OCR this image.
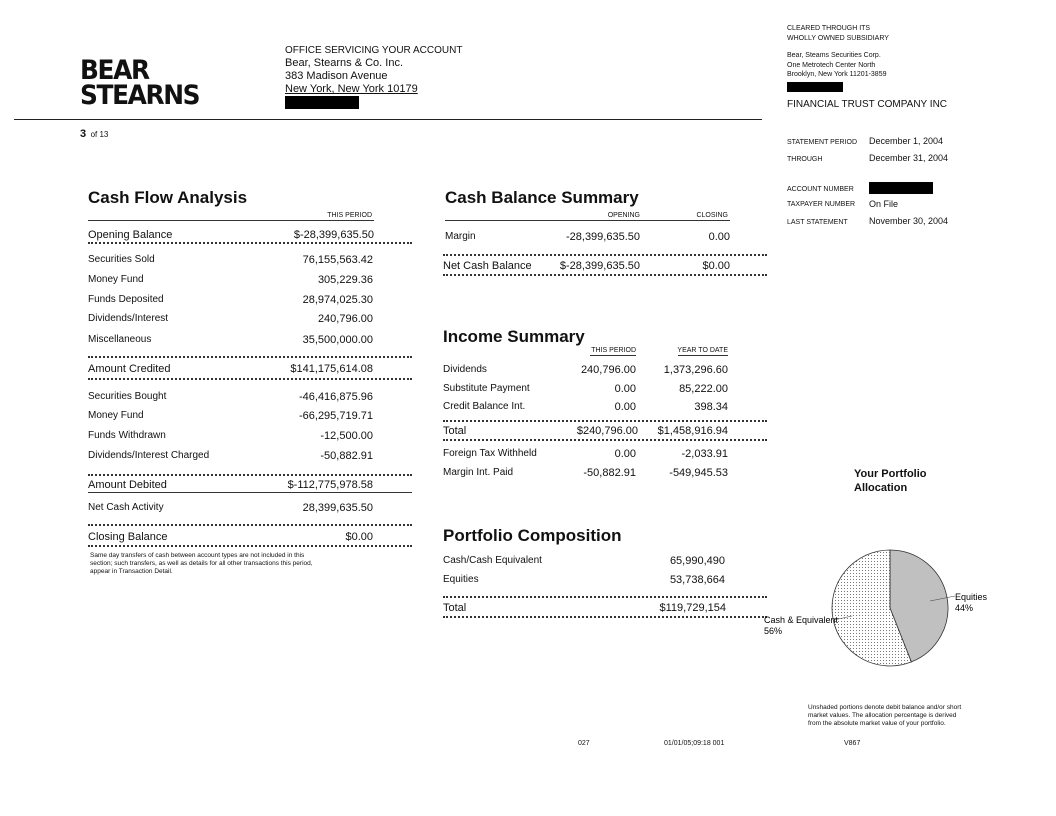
BEAR
STEARNS
OFFICE SERVICING YOUR ACCOUNT
Bear, Stearns & Co. Inc.
383 Madison Avenue
New York, New York 10179
3 of 13
CLEARED THROUGH ITS
WHOLLY OWNED SUBSIDIARY
Bear, Steams Securities Corp.
One Metrotech Center North
Brooklyn, New York 11201-3859
FINANCIAL TRUST COMPANY INC
STATEMENT PERIOD December 1, 2004
THROUGH	December 31, 2004
ACCOUNT NUMBER
TAXPAYER NUMBER On File
LAST STATEMENT November 30, 2004
Cash Flow Analysis
THIS PERIOD
Opening Balance	$-28,399,635.50
Securities Sold	76,155,563.42
Money Fund	305,229.36
Funds Deposited	28,974,025.30
Dividends/Interest	240,796.00
Miscellaneous	35,500,000.00
Amount Credited	$141,175,614.08
Securities Bought	-46,416,875.96
Money Fund	-66,295,719.71
Funds Withdrawn	-12,500.00
Dividends/Interest Charged	-50,882.91
Amount Debited	$-112,775,978.58
Net Cash Activity	28,399,635.50
Closing Balance	$0.00
Same day transfers of cash between account types are not included in this
section; such transfers, as well as details for all other transactions this period,
appear in Transaction Detail.
Cash Balance Summary
OPENING	CLOSING
Margin	-28,399,635.50	0.00
Net Cash Balance	$-28,399,635.50	$0.00
Income Summary
THIS PERIOD	YEAR TO DATE
Dividends	240,796.00	1,373,296.60
Substitute Payment	0.00	85,222.00
Credit Balance Int.	0.00	398.34
Total	$240,796.00	$1,458,916.94
Foreign Tax Withheld	0.00	-2,033.91
Margin Int. Paid	-50,882.91	-549,945.53
Portfolio Composition
Cash/Cash Equivalent	65,990,490
Equities	53,738,664
Total	$119,729,154
Your Portfolio
Allocation
Equities
44%
Cash & Equivalent
56%
Unshaded portions denote debit balance and/or short
market values. The allocation percentage is derived
from the absolute market value of your portfolio.
027	01/01/05;09:18 001	V867
